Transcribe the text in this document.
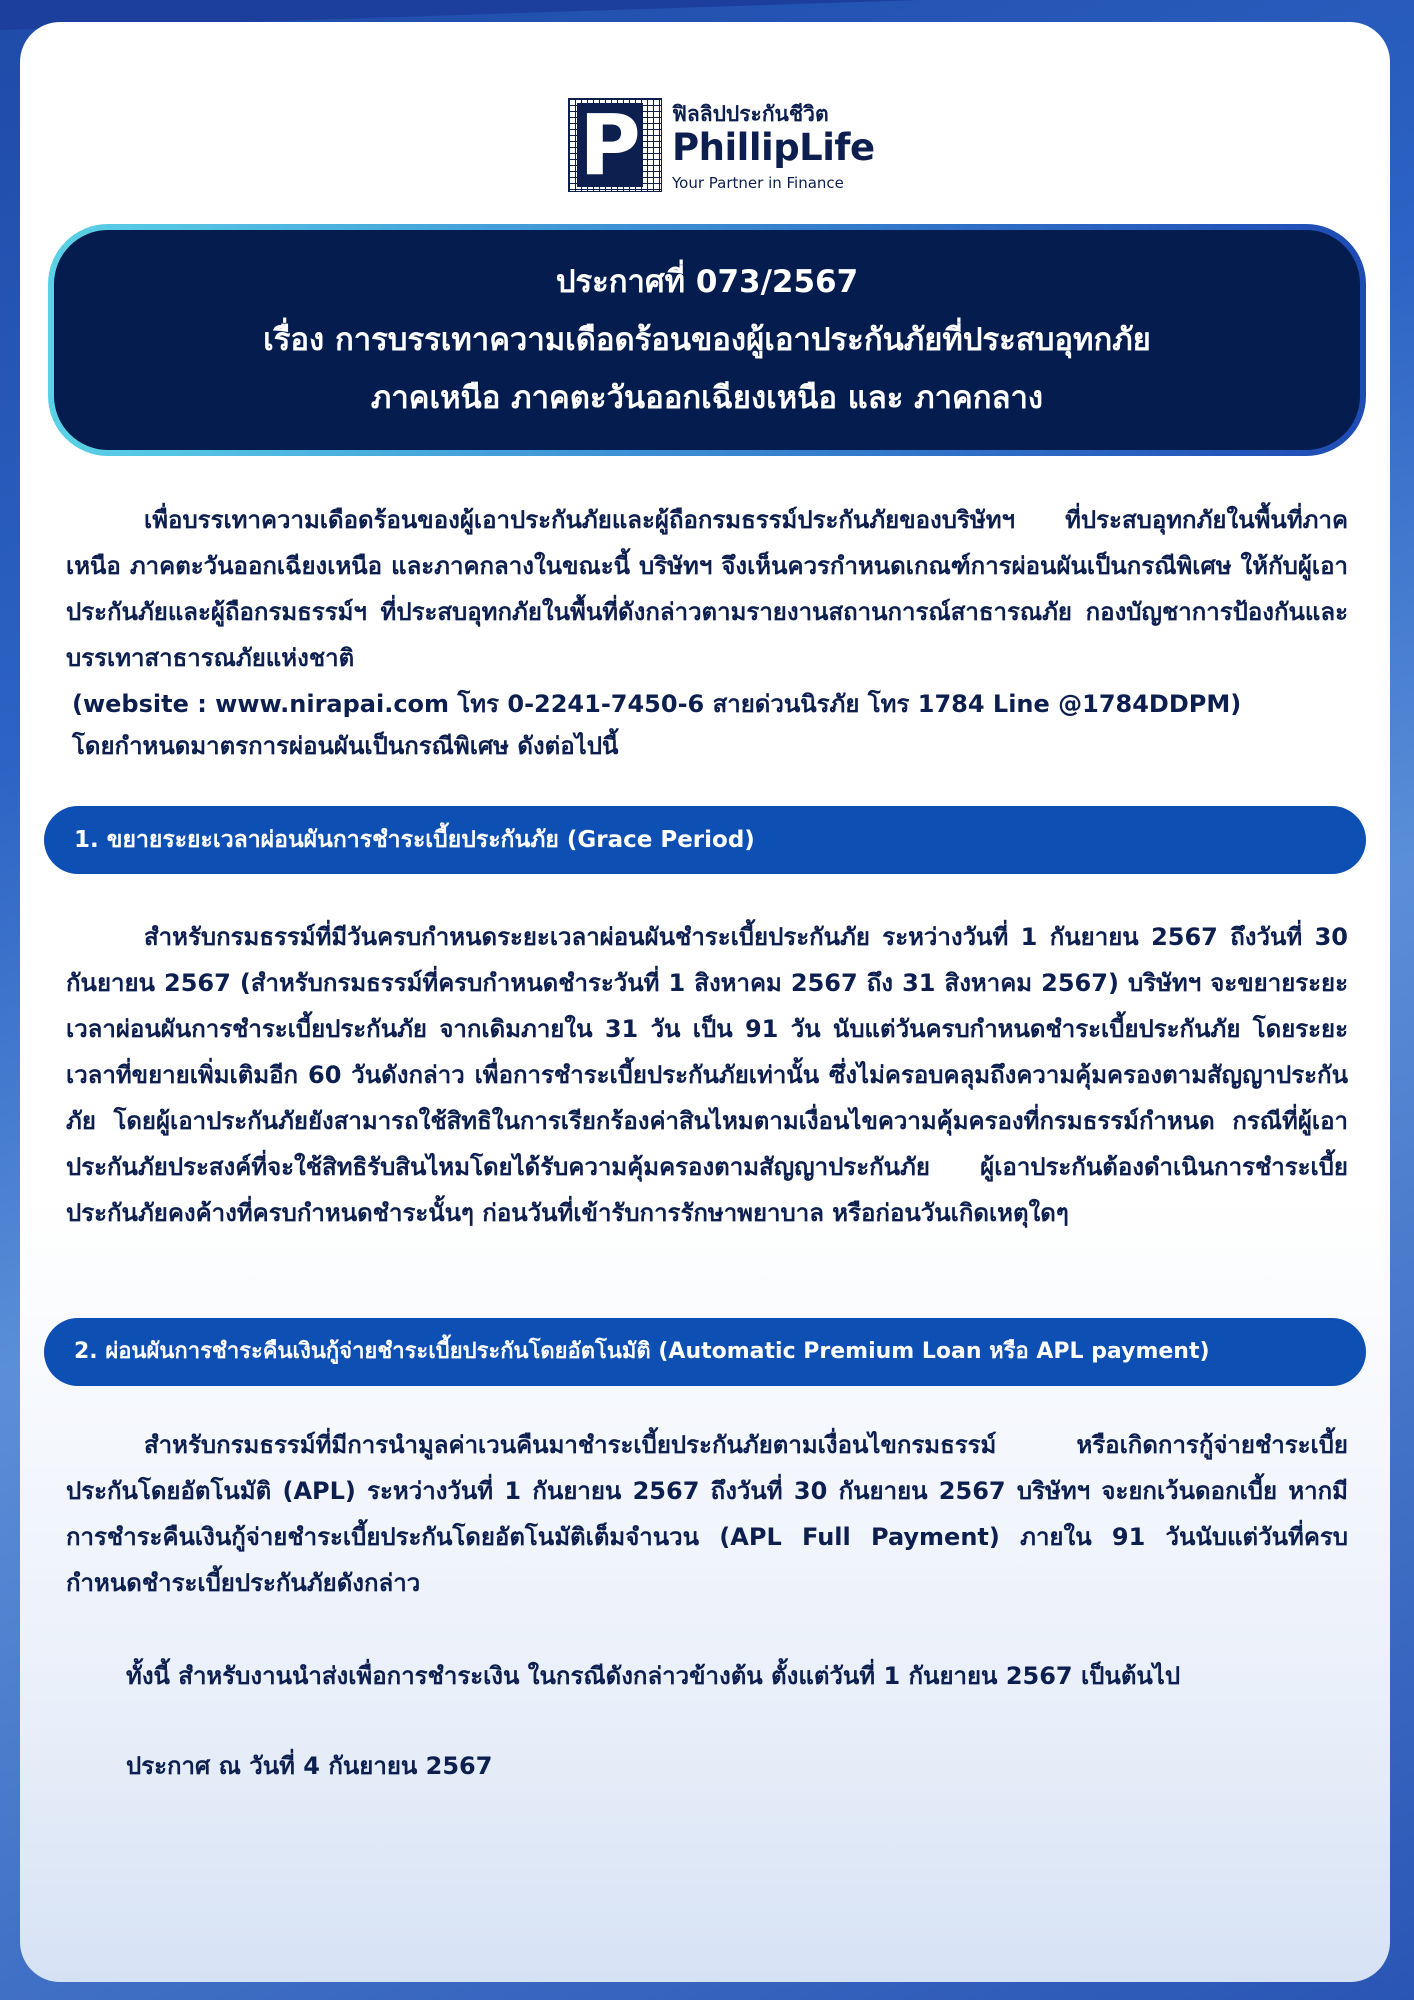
P ฟิลลิปประกันชีวิต
PhillipLife
Your Partner in Finance
ประกาศที่ 073/2567
เรื่อง การบรรเทาความเดือดร้อนของผู้เอาประกันภัยที่ประสบอุทกภัย
ภาคเหนือ ภาคตะวันออกเฉียงเหนือ และ ภาคกลาง
เพื่อบรรเทาความเดือดร้อนของผู้เอาประกันภัยและผู้ถือกรมธรรม์ประกันภัยของบริษัทฯ ที่ประสบอุทกภัยในพื้นที่ภาคเหนือ ภาคตะวันออกเฉียงเหนือ และภาคกลางในขณะนี้ บริษัทฯ จึงเห็นควรกำหนดเกณฑ์การผ่อนผันเป็นกรณีพิเศษ ให้กับผู้เอาประกันภัยและผู้ถือกรมธรรม์ฯ ที่ประสบอุทกภัยในพื้นที่ดังกล่าวตามรายงานสถานการณ์สาธารณภัย กองบัญชาการป้องกันและบรรเทาสาธารณภัยแห่งชาติ
(website : www.nirapai.com โทร 0-2241-7450-6 สายด่วนนิรภัย โทร 1784 Line @1784DDPM)
โดยกำหนดมาตรการผ่อนผันเป็นกรณีพิเศษ ดังต่อไปนี้
1. ขยายระยะเวลาผ่อนผันการชำระเบี้ยประกันภัย (Grace Period)
สำหรับกรมธรรม์ที่มีวันครบกำหนดระยะเวลาผ่อนผันชำระเบี้ยประกันภัย ระหว่างวันที่ 1 กันยายน 2567 ถึงวันที่ 30 กันยายน 2567 (สำหรับกรมธรรม์ที่ครบกำหนดชำระวันที่ 1 สิงหาคม 2567 ถึง 31 สิงหาคม 2567) บริษัทฯ จะขยายระยะเวลาผ่อนผันการชำระเบี้ยประกันภัย จากเดิมภายใน 31 วัน เป็น 91 วัน นับแต่วันครบกำหนดชำระเบี้ยประกันภัย โดยระยะเวลาที่ขยายเพิ่มเติมอีก 60 วันดังกล่าว เพื่อการชำระเบี้ยประกันภัยเท่านั้น ซึ่งไม่ครอบคลุมถึงความคุ้มครองตามสัญญาประกันภัย โดยผู้เอาประกันภัยยังสามารถใช้สิทธิในการเรียกร้องค่าสินไหมตามเงื่อนไขความคุ้มครองที่กรมธรรม์กำหนด กรณีที่ผู้เอาประกันภัยประสงค์ที่จะใช้สิทธิรับสินไหมโดยได้รับความคุ้มครองตามสัญญาประกันภัย ผู้เอาประกันต้องดำเนินการชำระเบี้ยประกันภัยคงค้างที่ครบกำหนดชำระนั้นๆ ก่อนวันที่เข้ารับการรักษาพยาบาล หรือก่อนวันเกิดเหตุใดๆ
2. ผ่อนผันการชำระคืนเงินกู้จ่ายชำระเบี้ยประกันโดยอัตโนมัติ (Automatic Premium Loan หรือ APL payment)
สำหรับกรมธรรม์ที่มีการนำมูลค่าเวนคืนมาชำระเบี้ยประกันภัยตามเงื่อนไขกรมธรรม์ หรือเกิดการกู้จ่ายชำระเบี้ยประกันโดยอัตโนมัติ (APL) ระหว่างวันที่ 1 กันยายน 2567 ถึงวันที่ 30 กันยายน 2567 บริษัทฯ จะยกเว้นดอกเบี้ย หากมีการชำระคืนเงินกู้จ่ายชำระเบี้ยประกันโดยอัตโนมัติเต็มจำนวน (APL Full Payment) ภายใน 91 วันนับแต่วันที่ครบกำหนดชำระเบี้ยประกันภัยดังกล่าว
ทั้งนี้ สำหรับงานนำส่งเพื่อการชำระเงิน ในกรณีดังกล่าวข้างต้น ตั้งแต่วันที่ 1 กันยายน 2567 เป็นต้นไป
ประกาศ ณ วันที่ 4 กันยายน 2567
